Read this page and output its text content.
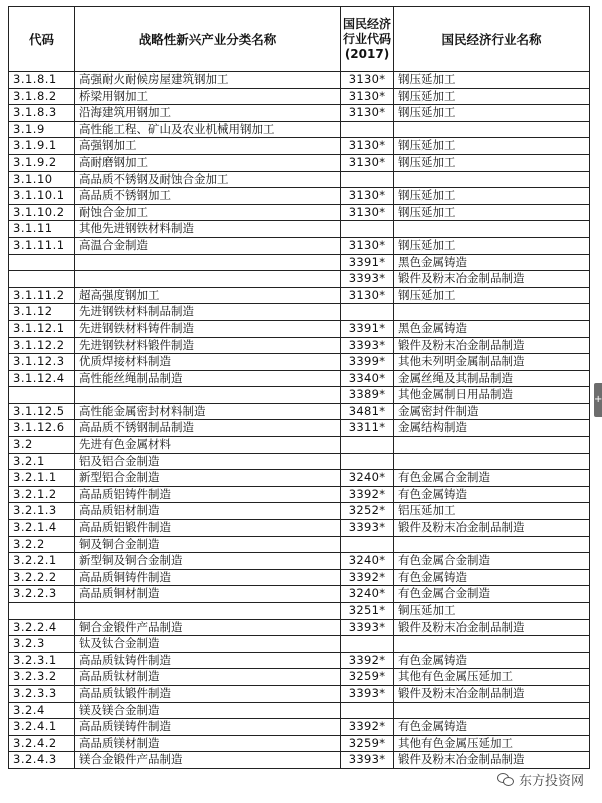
代码	战略性新兴产业分类名称	国民经济行业代码(2017)	国民经济行业名称
3.1.8.1	高强耐火耐候房屋建筑钢加工	3130*	钢压延加工
3.1.8.2	桥梁用钢加工	3130*	钢压延加工
3.1.8.3	沿海建筑用钢加工	3130*	钢压延加工
3.1.9	高性能工程、矿山及农业机械用钢加工		
3.1.9.1	高强钢加工	3130*	钢压延加工
3.1.9.2	高耐磨钢加工	3130*	钢压延加工
3.1.10	高品质不锈钢及耐蚀合金加工		
3.1.10.1	高品质不锈钢加工	3130*	钢压延加工
3.1.10.2	耐蚀合金加工	3130*	钢压延加工
3.1.11	其他先进钢铁材料制造		
3.1.11.1	高温合金制造	3130*	钢压延加工
		3391*	黑色金属铸造
		3393*	锻件及粉末冶金制品制造
3.1.11.2	超高强度钢加工	3130*	钢压延加工
3.1.12	先进钢铁材料制品制造		
3.1.12.1	先进钢铁材料铸件制造	3391*	黑色金属铸造
3.1.12.2	先进钢铁材料锻件制造	3393*	锻件及粉末冶金制品制造
3.1.12.3	优质焊接材料制造	3399*	其他未列明金属制品制造
3.1.12.4	高性能丝绳制品制造	3340*	金属丝绳及其制品制造
		3389*	其他金属制日用品制造
3.1.12.5	高性能金属密封材料制造	3481*	金属密封件制造
3.1.12.6	高品质不锈钢制品制造	3311*	金属结构制造
3.2	先进有色金属材料		
3.2.1	铝及铝合金制造		
3.2.1.1	新型铝合金制造	3240*	有色金属合金制造
3.2.1.2	高品质铝铸件制造	3392*	有色金属铸造
3.2.1.3	高品质铝材制造	3252*	铝压延加工
3.2.1.4	高品质铝锻件制造	3393*	锻件及粉末冶金制品制造
3.2.2	铜及铜合金制造		
3.2.2.1	新型铜及铜合金制造	3240*	有色金属合金制造
3.2.2.2	高品质铜铸件制造	3392*	有色金属铸造
3.2.2.3	高品质铜材制造	3240*	有色金属合金制造
		3251*	铜压延加工
3.2.2.4	铜合金锻件产品制造	3393*	锻件及粉末冶金制品制造
3.2.3	钛及钛合金制造		
3.2.3.1	高品质钛铸件制造	3392*	有色金属铸造
3.2.3.2	高品质钛材制造	3259*	其他有色金属压延加工
3.2.3.3	高品质钛锻件制造	3393*	锻件及粉末冶金制品制造
3.2.4	镁及镁合金制造		
3.2.4.1	高品质镁铸件制造	3392*	有色金属铸造
3.2.4.2	高品质镁材制造	3259*	其他有色金属压延加工
3.2.4.3	镁合金锻件产品制造	3393*	锻件及粉末冶金制品制造
+
东方投资网
